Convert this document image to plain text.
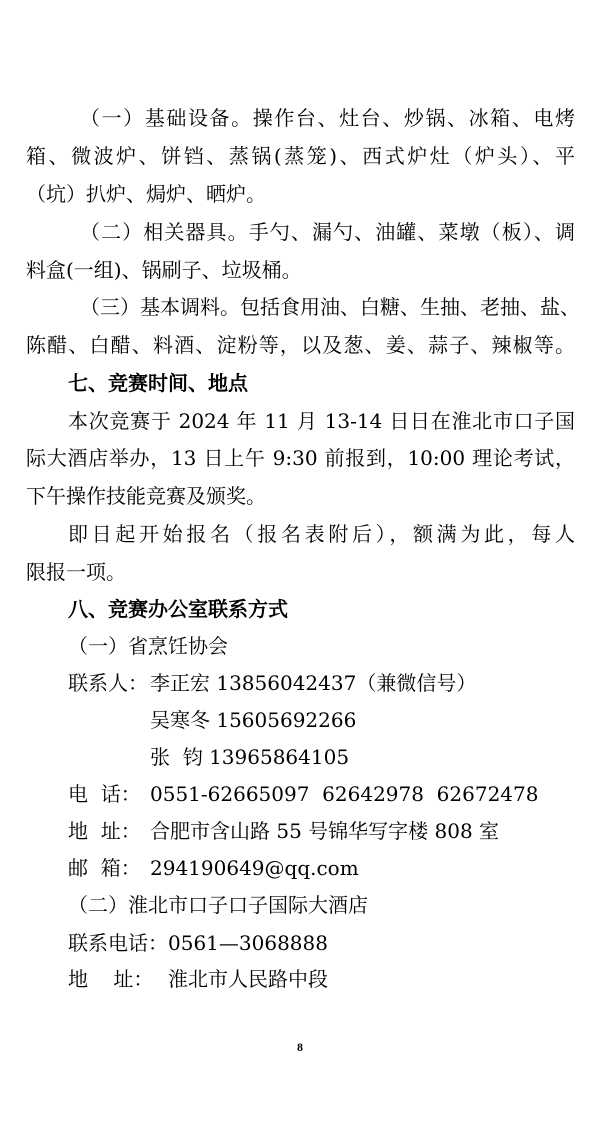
（一）基础设备。操作台、灶台、炒锅、冰箱、电烤
箱、微波炉、饼铛、蒸锅(蒸笼)、西式炉灶（炉头）、平
（坑）扒炉、焗炉、晒炉。
（二）相关器具。手勺、漏勺、油罐、菜墩（板）、调
料盒(一组)、锅刷子、垃圾桶。
（三）基本调料。包括食用油、白糖、生抽、老抽、盐、
陈醋、白醋、料酒、淀粉等，以及葱、姜、蒜子、辣椒等。
七、竞赛时间、地点
本次竞赛于 2024 年 11 月 13-14 日日在淮北市口子国
际大酒店举办，13 日上午 9:30 前报到，10:00 理论考试，
下午操作技能竞赛及颁奖。
即日起开始报名（报名表附后），额满为此，每人
限报一项。
八、竞赛办公室联系方式
（一）省烹饪协会
联系人： 李正宏 13856042437（兼微信号）
吴寒冬 15605692266
张  钧 13965864105
电  话： 0551-62665097  62642978  62672478
地  址： 合肥市含山路 55 号锦华写字楼 808 室
邮  箱： 294190649@qq.com
（二）淮北市口子口子国际大酒店
联系电话： 0561—3068888
地    址： 淮北市人民路中段
8
